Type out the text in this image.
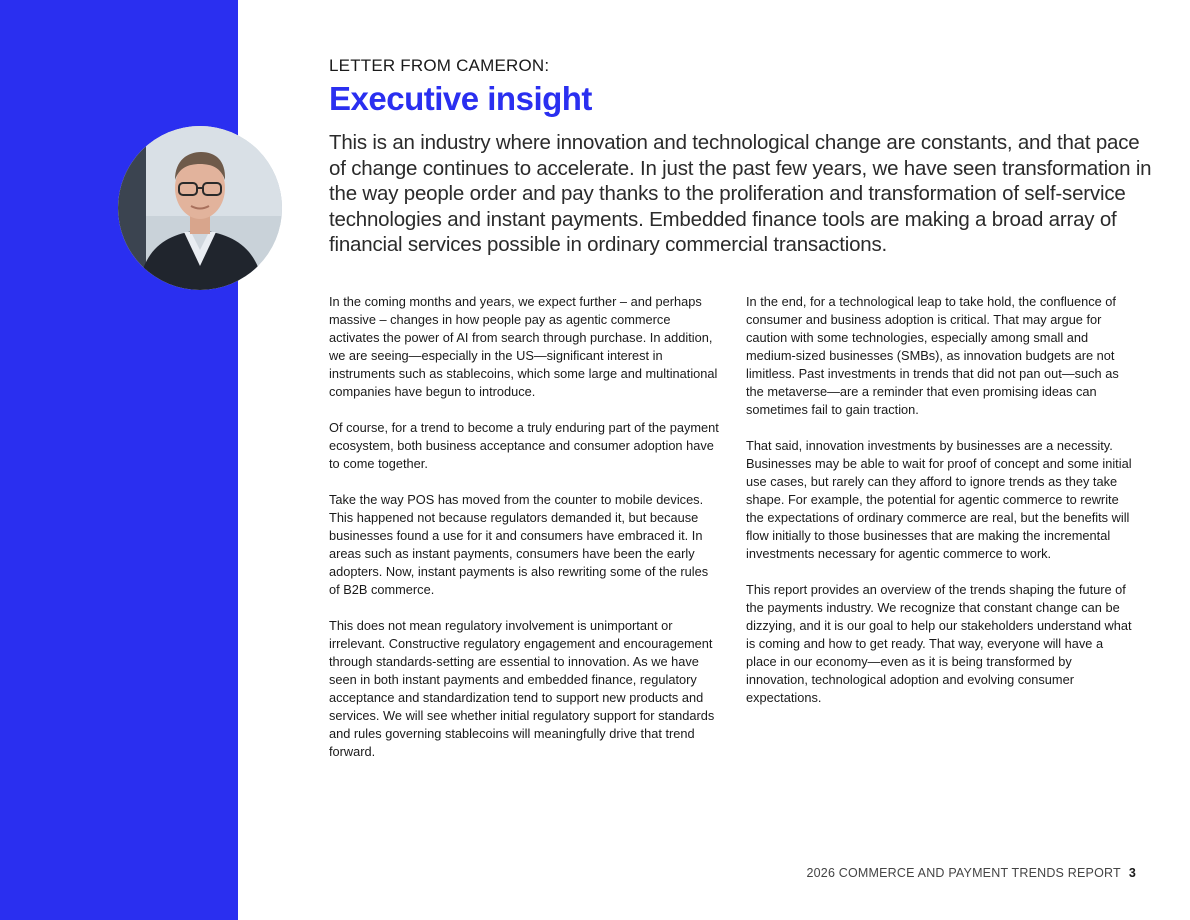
LETTER FROM CAMERON:
Executive insight

This is an industry where innovation and technological change are constants, and that pace of change continues to accelerate. In just the past few years, we have seen transformation in the way people order and pay thanks to the proliferation and transformation of self-service technologies and instant payments. Embedded finance tools are making a broad array of financial services possible in ordinary commercial transactions.

In the coming months and years, we expect further – and perhaps massive – changes in how people pay as agentic commerce activates the power of AI from search through purchase. In addition, we are seeing—especially in the US—significant interest in instruments such as stablecoins, which some large and multinational companies have begun to introduce.

Of course, for a trend to become a truly enduring part of the payment ecosystem, both business acceptance and consumer adoption have to come together.

Take the way POS has moved from the counter to mobile devices. This happened not because regulators demanded it, but because businesses found a use for it and consumers have embraced it. In areas such as instant payments, consumers have been the early adopters. Now, instant payments is also rewriting some of the rules of B2B commerce.

This does not mean regulatory involvement is unimportant or irrelevant. Constructive regulatory engagement and encouragement through standards-setting are essential to innovation. As we have seen in both instant payments and embedded finance, regulatory acceptance and standardization tend to support new products and services. We will see whether initial regulatory support for standards and rules governing stablecoins will meaningfully drive that trend forward.

In the end, for a technological leap to take hold, the confluence of consumer and business adoption is critical. That may argue for caution with some technologies, especially among small and medium-sized businesses (SMBs), as innovation budgets are not limitless. Past investments in trends that did not pan out—such as the metaverse—are a reminder that even promising ideas can sometimes fail to gain traction.

That said, innovation investments by businesses are a necessity. Businesses may be able to wait for proof of concept and some initial use cases, but rarely can they afford to ignore trends as they take shape. For example, the potential for agentic commerce to rewrite the expectations of ordinary commerce are real, but the benefits will flow initially to those businesses that are making the incremental investments necessary for agentic commerce to work.

This report provides an overview of the trends shaping the future of the payments industry. We recognize that constant change can be dizzying, and it is our goal to help our stakeholders understand what is coming and how to get ready. That way, everyone will have a place in our economy—even as it is being transformed by innovation, technological adoption and evolving consumer expectations.

2026 COMMERCE AND PAYMENT TRENDS REPORT 3
